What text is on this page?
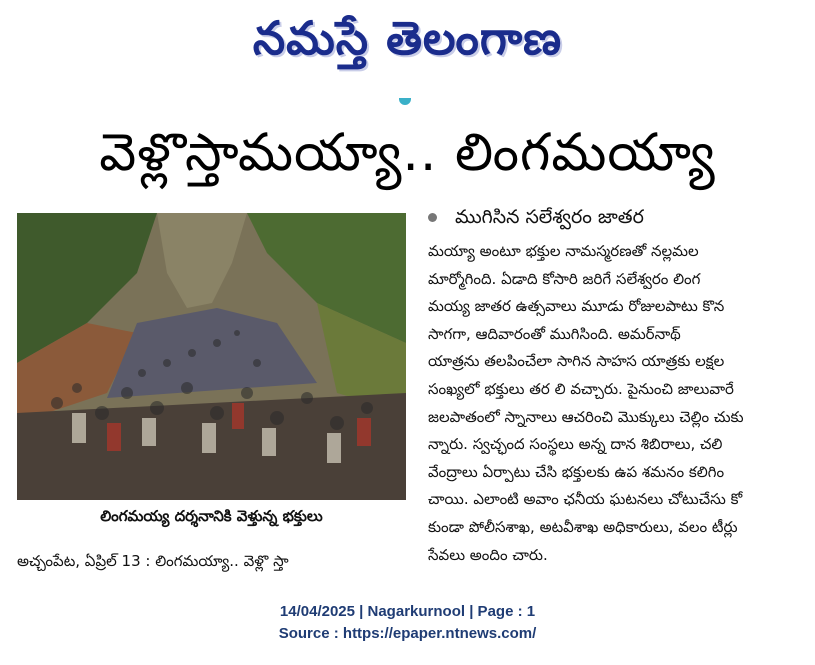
నమస్తే తెలంగాణ
వెళ్లొస్తామయ్యా.. లింగమయ్యా
లింగమయ్య దర్శనానికి వెళ్తున్న భక్తులు
అచ్చంపేట, ఏప్రిల్ 13 : లింగమయ్యా.. వెళ్లొ స్తా
ముగిసిన సలేశ్వరం జాతర
మయ్యా అంటూ భక్తుల నామస్మరణతో నల్లమల
మార్మోగింది. ఏడాది కోసారి జరిగే సలేశ్వరం లింగ
మయ్య జాతర ఉత్సవాలు మూడు రోజులపాటు కొన
సాగగా, ఆదివారంతో ముగిసింది. అమర్‌నాథ్
యాత్రను తలపించేలా సాగిన సాహస యాత్రకు లక్షల
సంఖ్యలో భక్తులు తర లి వచ్చారు. పైనుంచి జాలువారే
జలపాతంలో స్నానాలు ఆచరించి మొక్కులు చెల్లిం చుకు
న్నారు. స్వచ్ఛంద సంస్థలు అన్న దాన శిబిరాలు, చలి
వేంద్రాలు ఏర్పాటు చేసి భక్తులకు ఉప శమనం కలిగిం
చాయి. ఎలాంటి అవాం ఛనీయ ఘటనలు చోటుచేసు కో
కుండా పోలీసశాఖ, అటవీశాఖ అధికారులు, వలం టీర్లు
సేవలు అందిం చారు.
14/04/2025 | Nagarkurnool | Page : 1
Source : https://epaper.ntnews.com/
